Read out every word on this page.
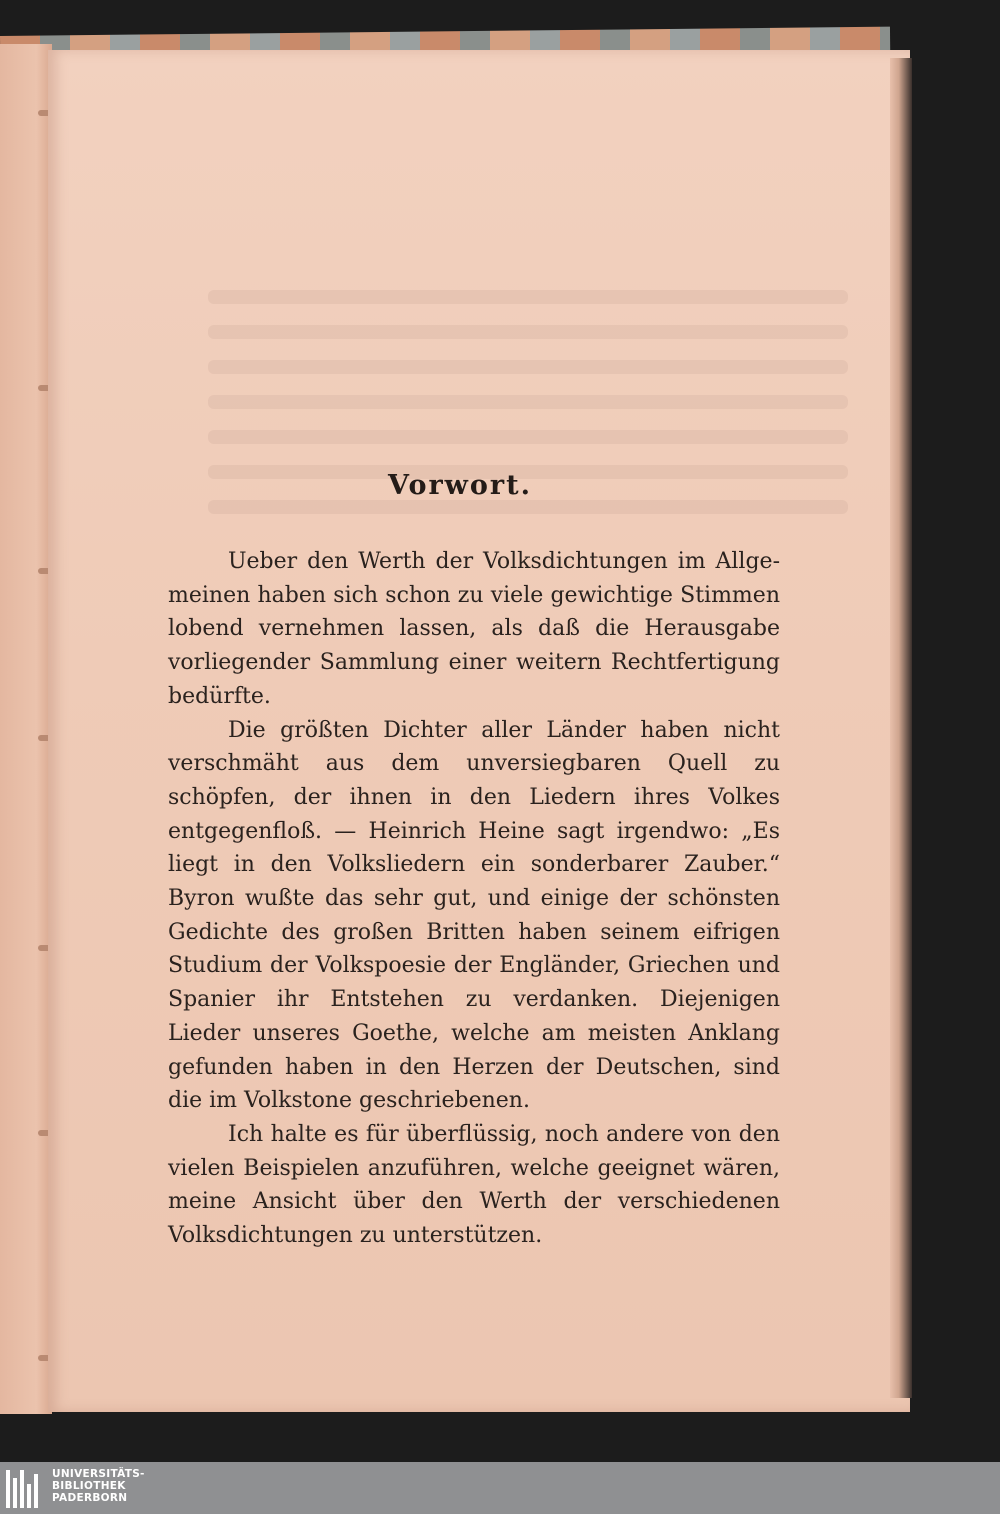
Vorwort.

Ueber den Werth der Volksdichtungen im Allgemeinen haben sich schon zu viele gewichtige Stimmen lobend vernehmen lassen, als daß die Herausgabe vorliegender Sammlung einer weitern Rechtfertigung bedürfte.

Die größten Dichter aller Länder haben nicht verschmäht aus dem unversiegbaren Quell zu schöpfen, der ihnen in den Liedern ihres Volkes entgegenfloß. — Heinrich Heine sagt irgendwo: „Es liegt in den Volksliedern ein sonderbarer Zauber.“ Byron wußte das sehr gut, und einige der schönsten Gedichte des großen Britten haben seinem eifrigen Studium der Volkspoesie der Engländer, Griechen und Spanier ihr Entstehen zu verdanken. Diejenigen Lieder unseres Goethe, welche am meisten Anklang gefunden haben in den Herzen der Deutschen, sind die im Volkstone geschriebenen.

Ich halte es für überflüssig, noch andere von den vielen Beispielen anzuführen, welche geeignet wären, meine Ansicht über den Werth der verschiedenen Volksdichtungen zu unterstützen.

UNIVERSITÄTS-
BIBLIOTHEK
PADERBORN
